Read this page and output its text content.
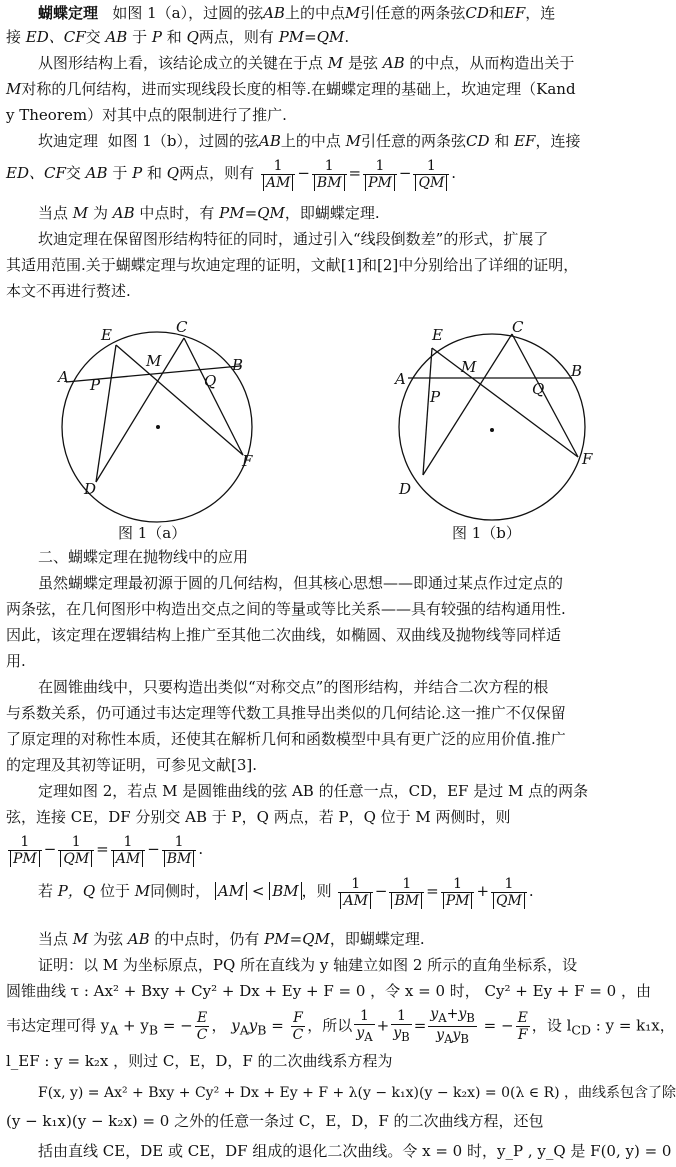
蝴蝶定理 如图 1（a），过圆的弦AB上的中点M引任意的两条弦CD和EF，连
接 ED、CF交 AB 于 P 和 Q两点，则有 PM=QM.
从图形结构上看，该结论成立的关键在于点 M 是弦 AB 的中点，从而构造出关于
M对称的几何结构，进而实现线段长度的相等.在蝴蝶定理的基础上，坎迪定理（Kand
y Theorem）对其中点的限制进行了推广.
坎迪定理 如图 1（b），过圆的弦AB上的中点 M引任意的两条弦CD 和 EF，连接
ED、CF交 AB 于 P 和 Q两点，则有 $\frac{1}{AM} - \frac{1}{BM} = \frac{1}{PM} - \frac{1}{QM}$ .
当点 M 为 AB 中点时，有 PM=QM，即蝴蝶定理.
坎迪定理在保留图形结构特征的同时，通过引入“线段倒数差”的形式，扩展了
其适用范围.关于蝴蝶定理与坎迪定理的证明，文献[1]和[2]中分别给出了详细的证明，
本文不再进行赘述.
E	C
M	B
A P	Q
D
F
E	C
M	B
A
P	Q
D
F
图 1（a）	图 1（b）
二、蝴蝶定理在抛物线中的应用
虽然蝴蝶定理最初源于圆的几何结构，但其核心思想——即通过某点作过定点的
两条弦，在几何图形中构造出交点之间的等量或等比关系——具有较强的结构通用性.
因此，该定理在逻辑结构上推广至其他二次曲线，如椭圆、双曲线及抛物线等同样适
用.
在圆锥曲线中，只要构造出类似“对称交点”的图形结构，并结合二次方程的根
与系数关系，仍可通过韦达定理等代数工具推导出类似的几何结论.这一推广不仅保留
了原定理的对称性本质，还使其在解析几何和函数模型中具有更广泛的应用价值.推广
的定理及其初等证明，可参见文献[3].
定理如图 2，若点 M 是圆锥曲线的弦 AB 的任意一点，CD，EF 是过 M 点的两条
弦，连接 CE，DF 分别交 AB 于 P，Q 两点，若 P，Q 位于 M 两侧时，则
$\frac{1}{PM} - \frac{1}{QM} = \frac{1}{AM} - \frac{1}{BM}$ .
若 P，Q 位于 M同侧时， AM < BM ，则 $\frac{1}{AM} - \frac{1}{BM} = \frac{1}{PM} + \frac{1}{QM}$ .
当点 M 为弦 AB 的中点时，仍有 PM=QM，即蝴蝶定理.
证明：以 M 为坐标原点，PQ 所在直线为 y 轴建立如图 2 所示的直角坐标系，设
圆锥曲线 τ : Ax² + Bxy + Cy² + Dx + Ey + F = 0 ，令 x = 0 时， Cy² + Ey + F = 0 ，由
韦达定理可得 $y_A + y_B$ = − $\frac{E}{C}$ ， $y_Ay_B = \frac{F}{C}$ ，所以 $\frac{1}{y_A} + \frac{1}{y_B} = \frac{y_A+y_B}{y_Ay_B}$ = − $\frac{E}{F}$ ，设 $l_{CD}$ : y = k₁x，
l_EF : y = k₂x ，则过 C，E，D，F 的二次曲线系方程为
F(x, y) = Ax² + Bxy + Cy² + Dx + Ey + F + λ(y − k₁x)(y − k₂x) = 0(λ ∈ R) ，曲线系包含了除
(y − k₁x)(y − k₂x) = 0 之外的任意一条过 C，E，D，F 的二次曲线方程，还包
括由直线 CE，DE 或 CE，DF 组成的退化二次曲线。令 x = 0 时，y_P , y_Q 是 F(0, y) = 0
